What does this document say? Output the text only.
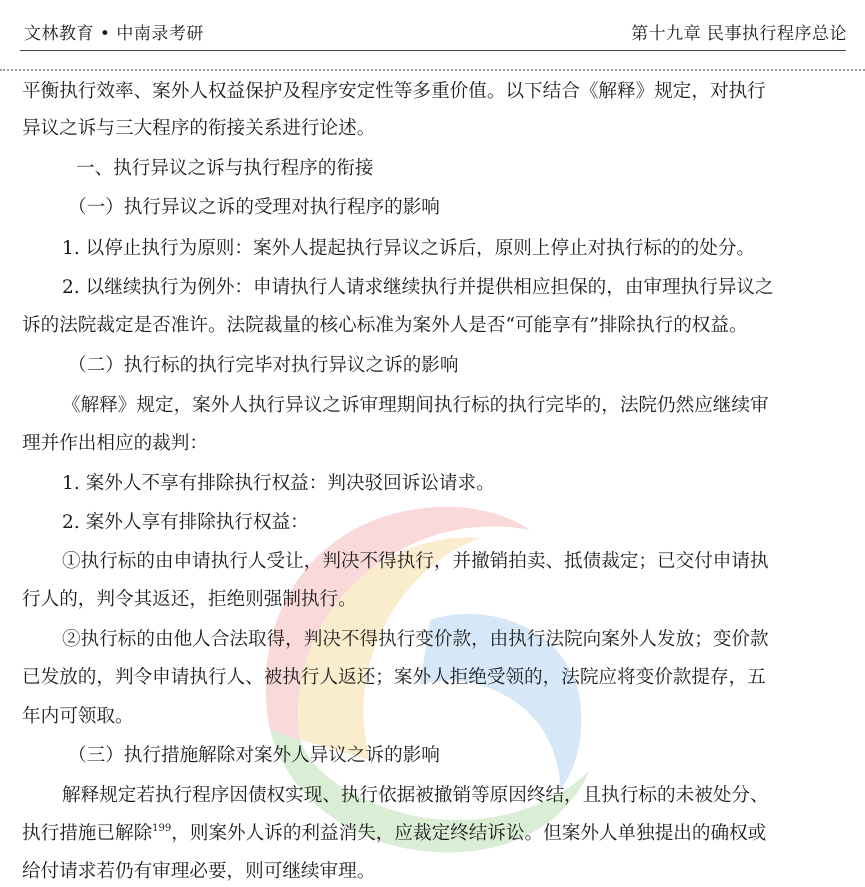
文林教育 • 中南录考研	第十九章 民事执行程序总论
平衡执行效率、案外人权益保护及程序安定性等多重价值。以下结合《解释》规定，对执行
异议之诉与三大程序的衔接关系进行论述。
一、执行异议之诉与执行程序的衔接
（一）执行异议之诉的受理对执行程序的影响
1. 以停止执行为原则：案外人提起执行异议之诉后，原则上停止对执行标的的处分。
2. 以继续执行为例外：申请执行人请求继续执行并提供相应担保的，由审理执行异议之
诉的法院裁定是否准许。法院裁量的核心标准为案外人是否“可能享有”排除执行的权益。
（二）执行标的执行完毕对执行异议之诉的影响
《解释》规定，案外人执行异议之诉审理期间执行标的执行完毕的，法院仍然应继续审
理并作出相应的裁判：
1. 案外人不享有排除执行权益：判决驳回诉讼请求。
2. 案外人享有排除执行权益：
①执行标的由申请执行人受让，判决不得执行，并撤销拍卖、抵债裁定；已交付申请执
行人的，判令其返还，拒绝则强制执行。
②执行标的由他人合法取得，判决不得执行变价款，由执行法院向案外人发放；变价款
已发放的，判令申请执行人、被执行人返还；案外人拒绝受领的，法院应将变价款提存，五
年内可领取。
（三）执行措施解除对案外人异议之诉的影响
解释规定若执行程序因债权实现、执行依据被撤销等原因终结，且执行标的未被处分、
执行措施已解除$^{199}$，则案外人诉的利益消失，应裁定终结诉讼。但案外人单独提出的确权或
给付请求若仍有审理必要，则可继续审理。
